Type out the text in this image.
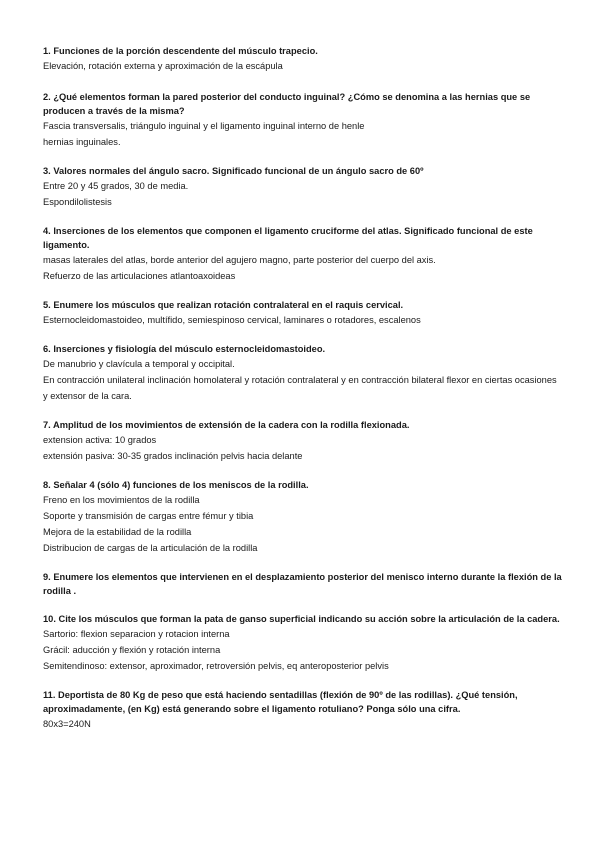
1. Funciones de la porción descendente del músculo trapecio.

Elevación, rotación externa y aproximación de la escápula

2. ¿Qué elementos forman la pared posterior del conducto inguinal? ¿Cómo se denomina a las hernias que se producen a través de la misma?

Fascia transversalis, triángulo inguinal y el ligamento inguinal interno de henle

hernias inguinales.

3. Valores normales del ángulo sacro. Significado funcional de un ángulo sacro de 60º

Entre 20 y 45 grados, 30 de media.

Espondilolistesis

4. Inserciones de los elementos que componen el ligamento cruciforme del atlas. Significado funcional de este ligamento.

masas laterales del atlas, borde anterior del agujero magno, parte posterior del cuerpo del axis.

Refuerzo de las articulaciones atlantoaxoideas

5. Enumere los músculos que realizan rotación contralateral en el raquis cervical.

Esternocleidomastoideo, multífido, semiespinoso cervical, laminares o rotadores, escalenos

6. Inserciones y fisiología del músculo esternocleidomastoideo.

De manubrio y clavícula a temporal y occipital.

En contracción unilateral inclinación homolateral y rotación contralateral y en contracción bilateral flexor en ciertas ocasiones y extensor de la cara.

7. Amplitud de los movimientos de extensión de la cadera con la rodilla flexionada.

extension activa: 10 grados

extensión pasiva: 30-35 grados inclinación pelvis hacia delante

8. Señalar 4 (sólo 4) funciones de los meniscos de la rodilla.

Freno en los movimientos de la rodilla

Soporte y transmisión de cargas entre fémur y tibia

Mejora de la estabilidad de la rodilla

Distribucion de cargas de la articulación de la rodilla

9. Enumere los elementos que intervienen en el desplazamiento posterior del menisco interno durante la flexión de la rodilla .

10. Cite los músculos que forman la pata de ganso superficial indicando su acción sobre la articulación de la cadera.

Sartorio: flexion separacion y rotacion interna

Grácil: aducción y flexión y rotación interna

Semitendinoso: extensor, aproximador, retroversión pelvis, eq anteroposterior pelvis

11. Deportista de 80 Kg de peso que está haciendo sentadillas (flexión de 90º de las rodillas). ¿Qué tensión, aproximadamente, (en Kg) está generando sobre el ligamento rotuliano? Ponga sólo una cifra.

80x3=240N
